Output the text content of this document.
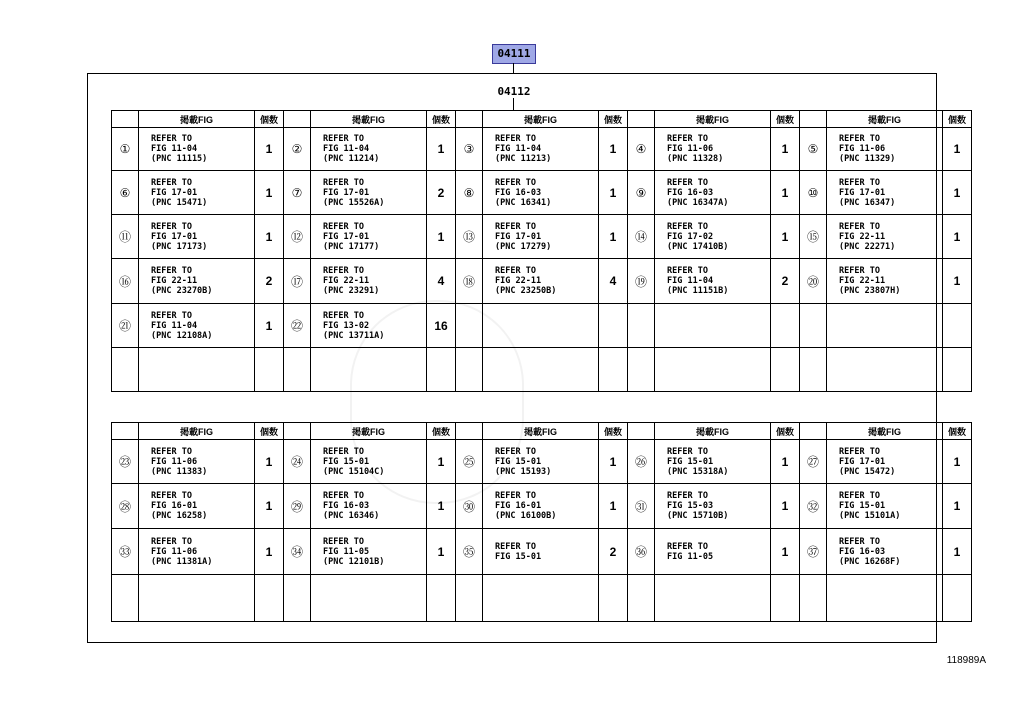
04111
04112
	掲載FIG	個数		掲載FIG	個数		掲載FIG	個数		掲載FIG	個数		掲載FIG	個数
①	REFER TO
FIG 11-04
(PNC 11115)	1	②	REFER TO
FIG 11-04
(PNC 11214)	1	③	REFER TO
FIG 11-04
(PNC 11213)	1	④	REFER TO
FIG 11-06
(PNC 11328)	1	⑤	REFER TO
FIG 11-06
(PNC 11329)	1
⑥	REFER TO
FIG 17-01
(PNC 15471)	1	⑦	REFER TO
FIG 17-01
(PNC 15526A)	2	⑧	REFER TO
FIG 16-03
(PNC 16341)	1	⑨	REFER TO
FIG 16-03
(PNC 16347A)	1	⑩	REFER TO
FIG 17-01
(PNC 16347)	1
⑪	REFER TO
FIG 17-01
(PNC 17173)	1	⑫	REFER TO
FIG 17-01
(PNC 17177)	1	⑬	REFER TO
FIG 17-01
(PNC 17279)	1	⑭	REFER TO
FIG 17-02
(PNC 17410B)	1	⑮	REFER TO
FIG 22-11
(PNC 22271)	1
⑯	REFER TO
FIG 22-11
(PNC 23270B)	2	⑰	REFER TO
FIG 22-11
(PNC 23291)	4	⑱	REFER TO
FIG 22-11
(PNC 23250B)	4	⑲	REFER TO
FIG 11-04
(PNC 11151B)	2	⑳	REFER TO
FIG 22-11
(PNC 23807H)	1
㉑	REFER TO
FIG 11-04
(PNC 12108A)	1	㉒	REFER TO
FIG 13-02
(PNC 13711A)	16									

	掲載FIG	個数		掲載FIG	個数		掲載FIG	個数		掲載FIG	個数		掲載FIG	個数
㉓	REFER TO
FIG 11-06
(PNC 11383)	1	㉔	REFER TO
FIG 15-01
(PNC 15104C)	1	㉕	REFER TO
FIG 15-01
(PNC 15193)	1	㉖	REFER TO
FIG 15-01
(PNC 15318A)	1	㉗	REFER TO
FIG 17-01
(PNC 15472)	1
㉘	REFER TO
FIG 16-01
(PNC 16258)	1	㉙	REFER TO
FIG 16-03
(PNC 16346)	1	㉚	REFER TO
FIG 16-01
(PNC 16100B)	1	㉛	REFER TO
FIG 15-03
(PNC 15710B)	1	㉜	REFER TO
FIG 15-01
(PNC 15101A)	1
㉝	REFER TO
FIG 11-06
(PNC 11381A)	1	㉞	REFER TO
FIG 11-05
(PNC 12101B)	1	㉟	REFER TO
FIG 15-01	2	㊱	REFER TO
FIG 11-05	1	㊲	REFER TO
FIG 16-03
(PNC 16268F)	1

118989A
